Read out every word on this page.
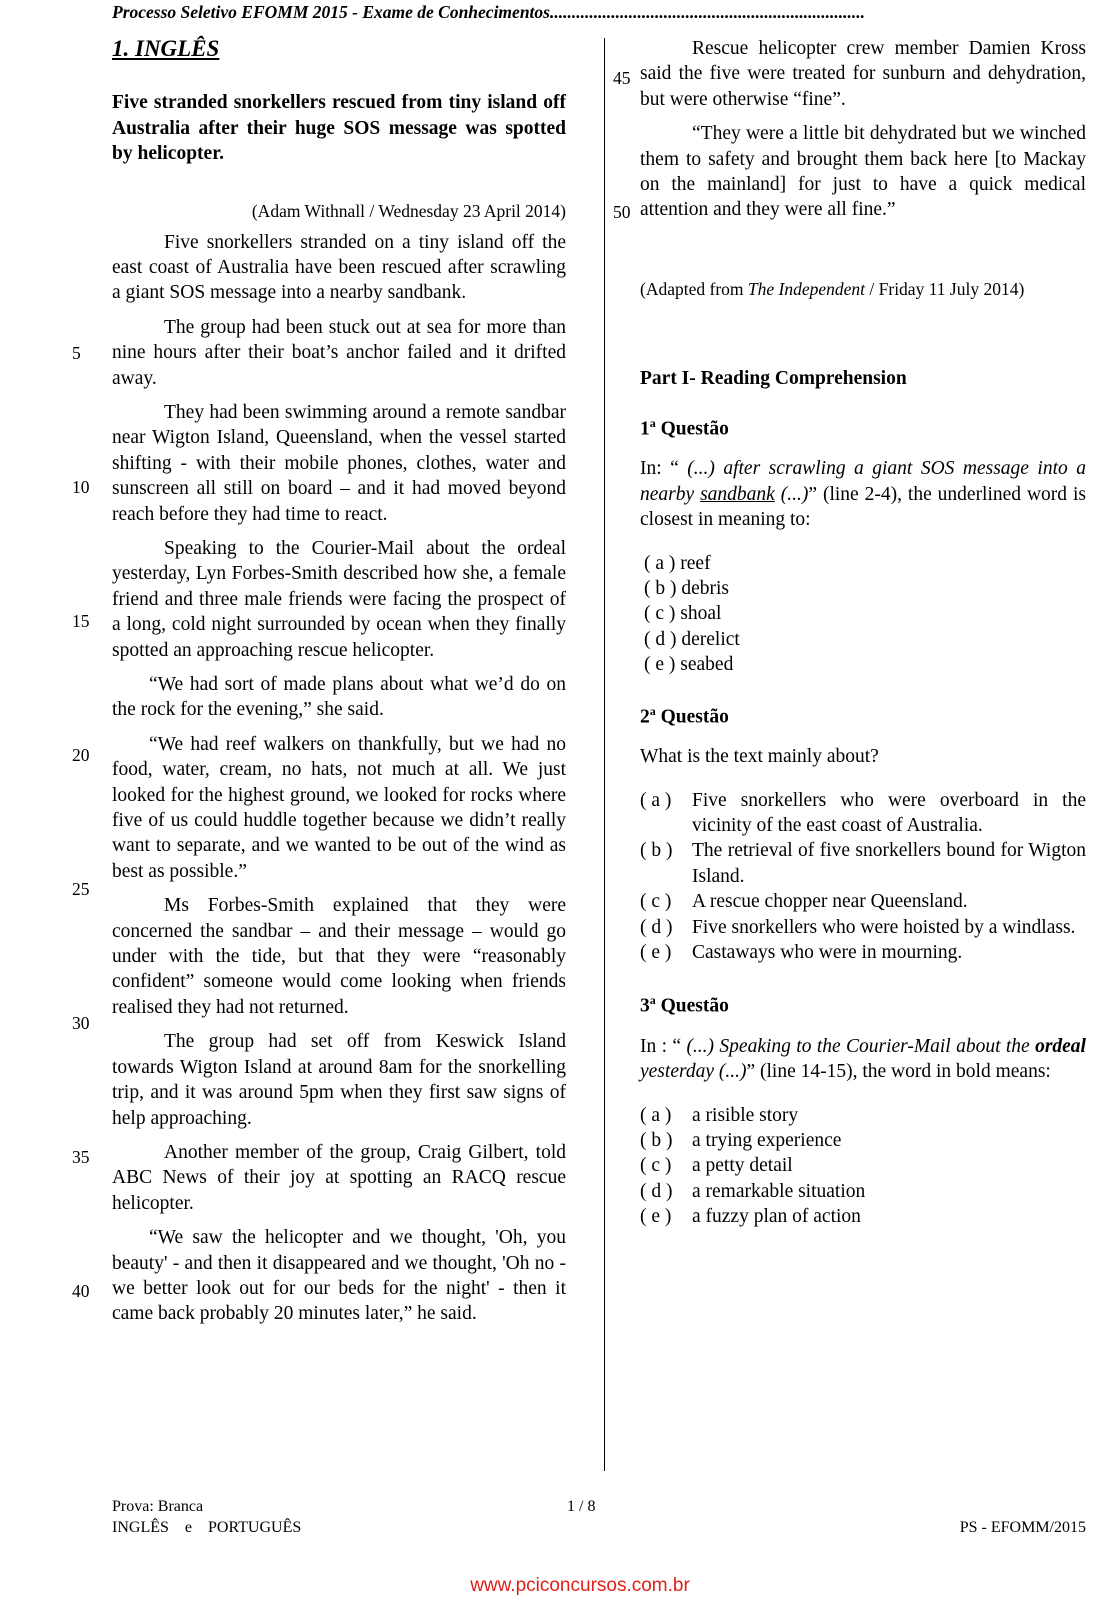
Processo Seletivo EFOMM 2015 - Exame de Conhecimentos........................................................................
5
10
15
20
25
30
35
40
45
50
1. INGLÊS

Five stranded snorkellers rescued from tiny island off Australia after their huge SOS message was spotted by helicopter.

(Adam Withnall / Wednesday 23 April 2014)

Five snorkellers stranded on a tiny island off the east coast of Australia have been rescued after scrawling a giant SOS message into a nearby sandbank.

The group had been stuck out at sea for more than nine hours after their boat’s anchor failed and it drifted away.

They had been swimming around a remote sandbar near Wigton Island, Queensland, when the vessel started shifting - with their mobile phones, clothes, water and sunscreen all still on board – and it had moved beyond reach before they had time to react.

Speaking to the Courier-Mail about the ordeal yesterday, Lyn Forbes-Smith described how she, a female friend and three male friends were facing the prospect of a long, cold night surrounded by ocean when they finally spotted an approaching rescue helicopter.

“We had sort of made plans about what we’d do on the rock for the evening,” she said.

“We had reef walkers on thankfully, but we had no food, water, cream, no hats, not much at all. We just looked for the highest ground, we looked for rocks where five of us could huddle together because we didn’t really want to separate, and we wanted to be out of the wind as best as possible.”

Ms Forbes-Smith explained that they were concerned the sandbar – and their message – would go under with the tide, but that they were “reasonably confident” someone would come looking when friends realised they had not returned.

The group had set off from Keswick Island towards Wigton Island at around 8am for the snorkelling trip, and it was around 5pm when they first saw signs of help approaching.

Another member of the group, Craig Gilbert, told ABC News of their joy at spotting an RACQ rescue helicopter.

“We saw the helicopter and we thought, 'Oh, you beauty' - and then it disappeared and we thought, 'Oh no - we better look out for our beds for the night' - then it came back probably 20 minutes later,” he said.

Rescue helicopter crew member Damien Kross said the five were treated for sunburn and dehydration, but were otherwise “fine”.

“They were a little bit dehydrated but we winched them to safety and brought them back here [to Mackay on the mainland] for just to have a quick medical attention and they were all fine.”

(Adapted from The Independent / Friday 11 July 2014)
Part I- Reading Comprehension
1$^a$ Questão
In: “ (...) after scrawling a giant SOS message into a nearby sandbank (...)” (line 2-4), the underlined word is closest in meaning to:
( a ) reef
( b ) debris
( c ) shoal
( d ) derelict
( e ) seabed
2$^a$ Questão
What is the text mainly about?
( a )	Five snorkellers who were overboard in the vicinity of the east coast of Australia.
( b )	The retrieval of five snorkellers bound for Wigton Island.
( c )	A rescue chopper near Queensland.
( d )	Five snorkellers who were hoisted by a windlass.
( e )	Castaways who were in mourning.
3$^a$ Questão
In : “ (...) Speaking to the Courier-Mail about the ordeal yesterday (...)” (line 14-15), the word in bold means:
( a )	a risible story
( b )	a trying experience
( c )	a petty detail
( d )	a remarkable situation
( e )	a fuzzy plan of action
Prova: Branca	1 / 8
INGLÊS    e    PORTUGUÊS	PS - EFOMM/2015
www.pciconcursos.com.br
